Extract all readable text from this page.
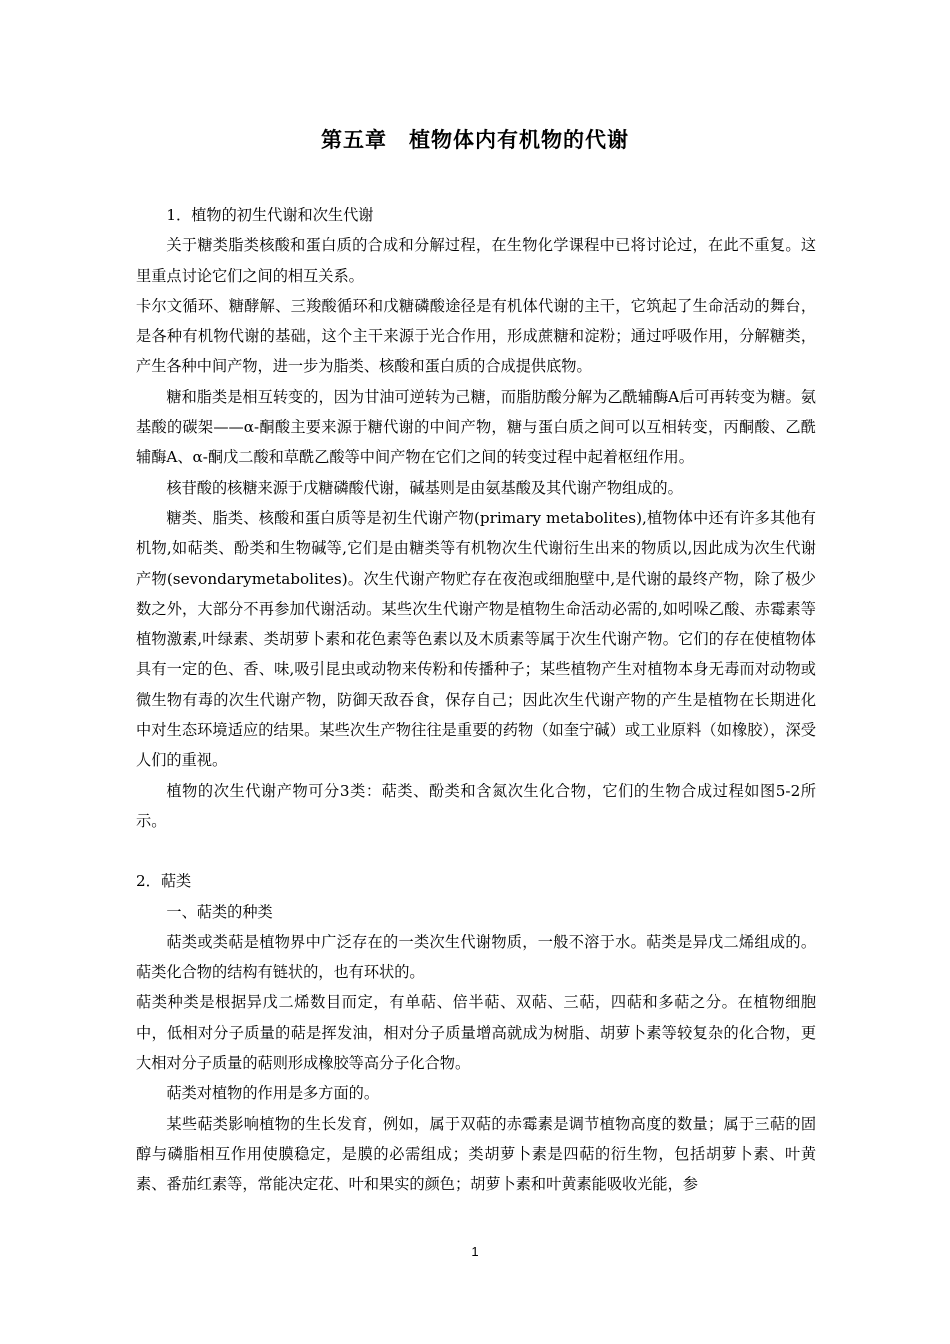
第五章　植物体内有机物的代谢

1．植物的初生代谢和次生代谢

关于糖类脂类核酸和蛋白质的合成和分解过程，在生物化学课程中已将讨论过，在此不重复。这里重点讨论它们之间的相互关系。

卡尔文循环、糖酵解、三羧酸循环和戊糖磷酸途径是有机体代谢的主干，它筑起了生命活动的舞台，是各种有机物代谢的基础，这个主干来源于光合作用，形成蔗糖和淀粉；通过呼吸作用，分解糖类，产生各种中间产物，进一步为脂类、核酸和蛋白质的合成提供底物。

糖和脂类是相互转变的，因为甘油可逆转为己糖，而脂肪酸分解为乙酰辅酶A后可再转变为糖。氨基酸的碳架——α-酮酸主要来源于糖代谢的中间产物，糖与蛋白质之间可以互相转变，丙酮酸、乙酰辅酶A、α-酮戊二酸和草酰乙酸等中间产物在它们之间的转变过程中起着枢纽作用。

核苷酸的核糖来源于戊糖磷酸代谢，碱基则是由氨基酸及其代谢产物组成的。

糖类、脂类、核酸和蛋白质等是初生代谢产物(primary metabolites),植物体中还有许多其他有机物,如萜类、酚类和生物碱等,它们是由糖类等有机物次生代谢衍生出来的物质以,因此成为次生代谢产物(sevondarymetabolites)。次生代谢产物贮存在夜泡或细胞壁中,是代谢的最终产物，除了极少数之外，大部分不再参加代谢活动。某些次生代谢产物是植物生命活动必需的,如吲哚乙酸、赤霉素等植物激素,叶绿素、类胡萝卜素和花色素等色素以及木质素等属于次生代谢产物。它们的存在使植物体具有一定的色、香、味,吸引昆虫或动物来传粉和传播种子；某些植物产生对植物本身无毒而对动物或微生物有毒的次生代谢产物，防御天敌吞食，保存自己；因此次生代谢产物的产生是植物在长期进化中对生态环境适应的结果。某些次生产物往往是重要的药物（如奎宁碱）或工业原料（如橡胶），深受人们的重视。

植物的次生代谢产物可分3类：萜类、酚类和含氮次生化合物，它们的生物合成过程如图5-2所示。

2．萜类

一、萜类的种类

萜类或类萜是植物界中广泛存在的一类次生代谢物质，一般不溶于水。萜类是异戊二烯组成的。萜类化合物的结构有链状的，也有环状的。

萜类种类是根据异戊二烯数目而定，有单萜、倍半萜、双萜、三萜，四萜和多萜之分。在植物细胞中，低相对分子质量的萜是挥发油，相对分子质量增高就成为树脂、胡萝卜素等较复杂的化合物，更大相对分子质量的萜则形成橡胶等高分子化合物。

萜类对植物的作用是多方面的。

某些萜类影响植物的生长发育，例如，属于双萜的赤霉素是调节植物高度的数量；属于三萜的固醇与磷脂相互作用使膜稳定，是膜的必需组成；类胡萝卜素是四萜的衍生物，包括胡萝卜素、叶黄素、番茄红素等，常能决定花、叶和果实的颜色；胡萝卜素和叶黄素能吸收光能，参

1
